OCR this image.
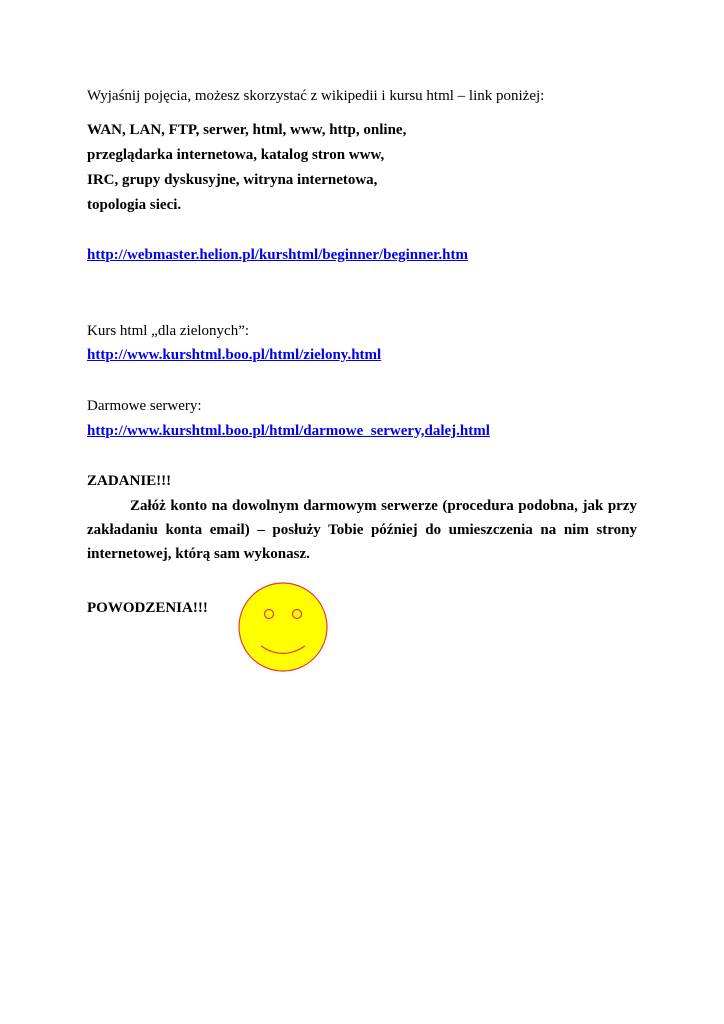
Wyjaśnij pojęcia, możesz skorzystać z wikipedii i kursu html – link poniżej:
WAN, LAN, FTP, serwer, html, www, http, online,
przeglądarka internetowa, katalog stron www,
IRC, grupy dyskusyjne, witryna internetowa,
topologia sieci.
http://webmaster.helion.pl/kurshtml/beginner/beginner.htm
Kurs html „dla zielonych”:
http://www.kurshtml.boo.pl/html/zielony.html
Darmowe serwery:
http://www.kurshtml.boo.pl/html/darmowe_serwery,dalej.html
ZADANIE!!!
Załóż konto na dowolnym darmowym serwerze (procedura podobna, jak przy zakładaniu konta email) – posłuży Tobie później do umieszczenia na nim strony internetowej, którą sam wykonasz.
POWODZENIA!!!
